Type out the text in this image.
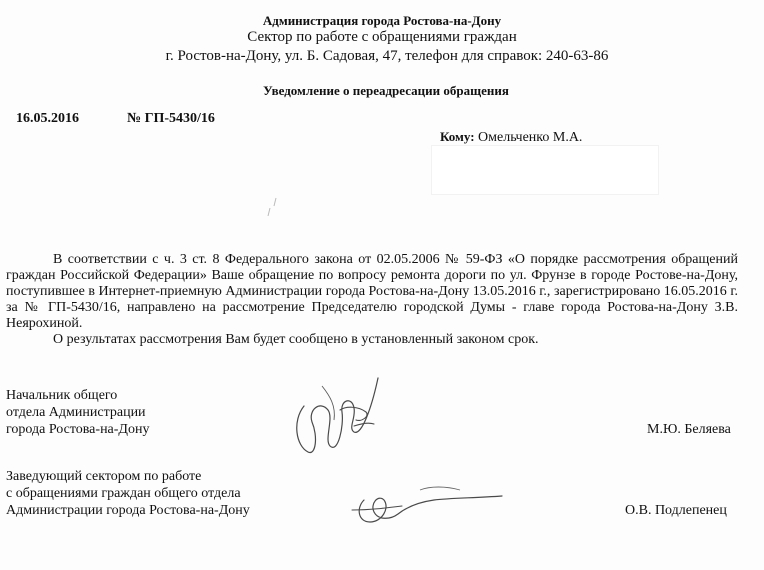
Администрация города Ростова-на-Дону
Сектор по работе с обращениями граждан
г. Ростов-на-Дону, ул. Б. Садовая, 47, телефон для справок: 240-63-86
Уведомление о переадресации обращения
16.05.2016	№ ГП-5430/16
Кому: Омельченко М.А.

В соответствии с ч. 3 ст. 8 Федерального закона от 02.05.2006 № 59-ФЗ «О порядке рассмотрения обращений граждан Российской Федерации» Ваше обращение по вопросу ремонта дороги по ул. Фрунзе в городе Ростове-на-Дону, поступившее в Интернет-приемную Администрации города Ростова-на-Дону 13.05.2016 г., зарегистрировано 16.05.2016 г. за № ГП-5430/16, направлено на рассмотрение Председателю городской Думы - главе города Ростова-на-Дону З.В. Неярохиной.

О результатах рассмотрения Вам будет сообщено в установленный законом срок.

Начальник общего
отдела Администрации
города Ростова-на-Дону	М.Ю. Беляева
Заведующий сектором по работе
с обращениями граждан общего отдела
Администрации города Ростова-на-Дону	О.В. Подлепенец
